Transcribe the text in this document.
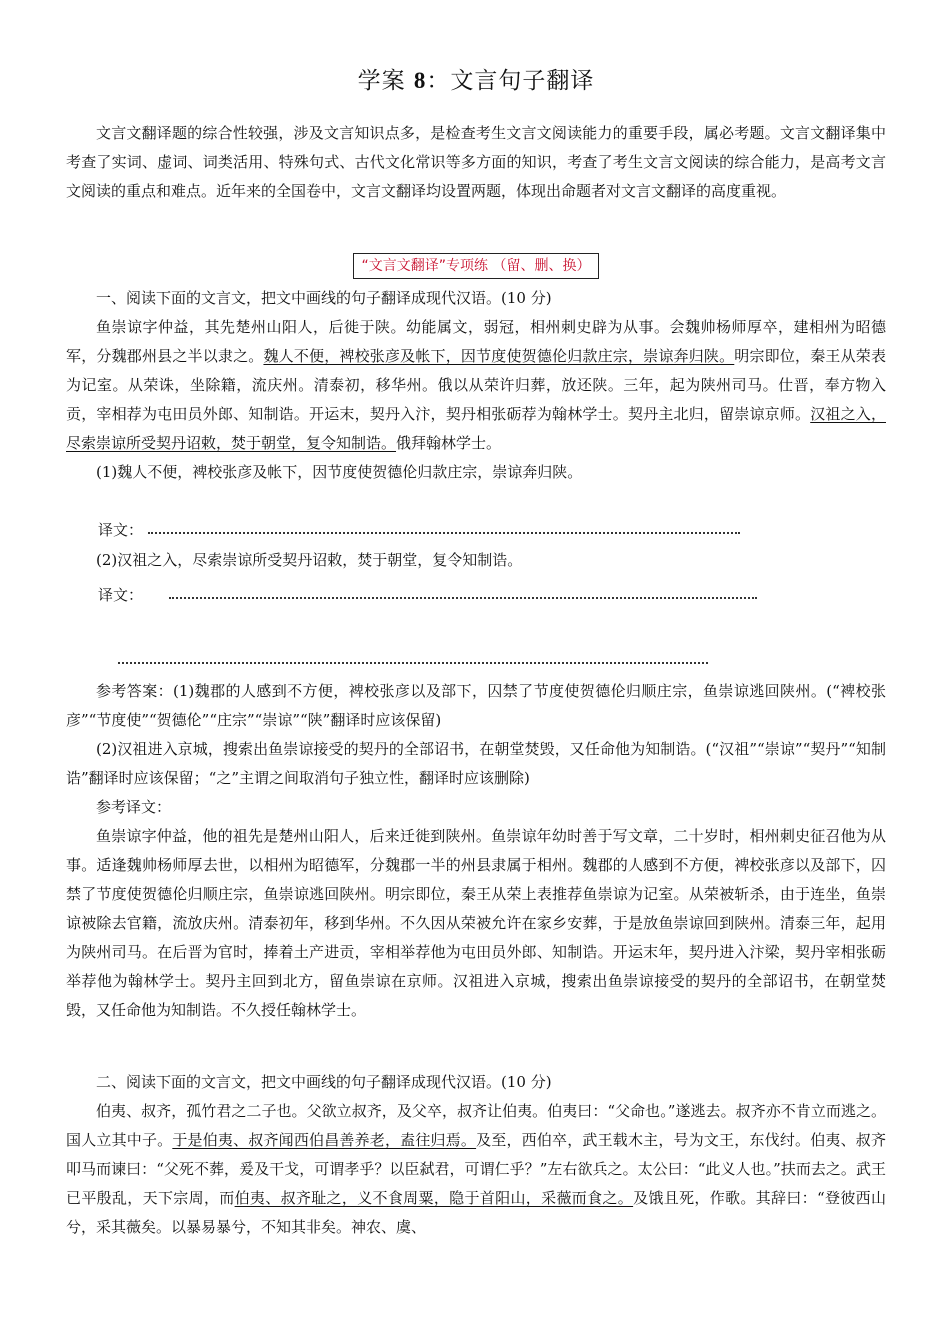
学案 8：文言句子翻译

文言文翻译题的综合性较强，涉及文言知识点多，是检查考生文言文阅读能力的重要手段，属必考题。文言文翻译集中考查了实词、虚词、词类活用、特殊句式、古代文化常识等多方面的知识，考查了考生文言文阅读的综合能力，是高考文言文阅读的重点和难点。近年来的全国卷中，文言文翻译均设置两题，体现出命题者对文言文翻译的高度重视。

“文言文翻译”专项练 （留、删、换）

一、阅读下面的文言文，把文中画线的句子翻译成现代汉语。(10 分)

鱼崇谅字仲益，其先楚州山阳人，后徙于陕。幼能属文，弱冠，相州刺史辟为从事。会魏帅杨师厚卒，建相州为昭德军，分魏郡州县之半以隶之。魏人不便，裨校张彦及帐下，因节度使贺德伦归款庄宗，崇谅奔归陕。明宗即位，秦王从荣表为记室。从荣诛，坐除籍，流庆州。清泰初，移华州。俄以从荣许归葬，放还陕。三年，起为陕州司马。仕晋，奉方物入贡，宰相荐为屯田员外郎、知制诰。开运末，契丹入汴，契丹相张砺荐为翰林学士。契丹主北归，留崇谅京师。汉祖之入，尽索崇谅所受契丹诏敕，焚于朝堂，复令知制诰。俄拜翰林学士。

(1)魏人不便，裨校张彦及帐下，因节度使贺德伦归款庄宗，崇谅奔归陕。

译文：

(2)汉祖之入，尽索崇谅所受契丹诏敕，焚于朝堂，复令知制诰。

译文：

参考答案：(1)魏郡的人感到不方便，裨校张彦以及部下，囚禁了节度使贺德伦归顺庄宗，鱼崇谅逃回陕州。(“裨校张彦”“节度使”“贺德伦”“庄宗”“崇谅”“陕”翻译时应该保留)

(2)汉祖进入京城，搜索出鱼崇谅接受的契丹的全部诏书，在朝堂焚毁，又任命他为知制诰。(“汉祖”“崇谅”“契丹”“知制诰”翻译时应该保留；“之”主谓之间取消句子独立性，翻译时应该删除)

参考译文：

鱼崇谅字仲益，他的祖先是楚州山阳人，后来迁徙到陕州。鱼崇谅年幼时善于写文章，二十岁时，相州刺史征召他为从事。适逢魏帅杨师厚去世，以相州为昭德军，分魏郡一半的州县隶属于相州。魏郡的人感到不方便，裨校张彦以及部下，囚禁了节度使贺德伦归顺庄宗，鱼崇谅逃回陕州。明宗即位，秦王从荣上表推荐鱼崇谅为记室。从荣被斩杀，由于连坐，鱼崇谅被除去官籍，流放庆州。清泰初年，移到华州。不久因从荣被允许在家乡安葬，于是放鱼崇谅回到陕州。清泰三年，起用为陕州司马。在后晋为官时，捧着土产进贡，宰相举荐他为屯田员外郎、知制诰。开运末年，契丹进入汴梁，契丹宰相张砺举荐他为翰林学士。契丹主回到北方，留鱼崇谅在京师。汉祖进入京城，搜索出鱼崇谅接受的契丹的全部诏书，在朝堂焚毁，又任命他为知制诰。不久授任翰林学士。

二、阅读下面的文言文，把文中画线的句子翻译成现代汉语。(10 分)

伯夷、叔齐，孤竹君之二子也。父欲立叔齐，及父卒，叔齐让伯夷。伯夷曰：“父命也。”遂逃去。叔齐亦不肯立而逃之。国人立其中子。于是伯夷、叔齐闻西伯昌善养老，盍往归焉。及至，西伯卒，武王载木主，号为文王，东伐纣。伯夷、叔齐叩马而谏曰：“父死不葬，爰及干戈，可谓孝乎？以臣弑君，可谓仁乎？”左右欲兵之。太公曰：“此义人也。”扶而去之。武王已平殷乱，天下宗周，而伯夷、叔齐耻之，义不食周粟，隐于首阳山，采薇而食之。及饿且死，作歌。其辞曰：“登彼西山兮，采其薇矣。以暴易暴兮，不知其非矣。神农、虞、
